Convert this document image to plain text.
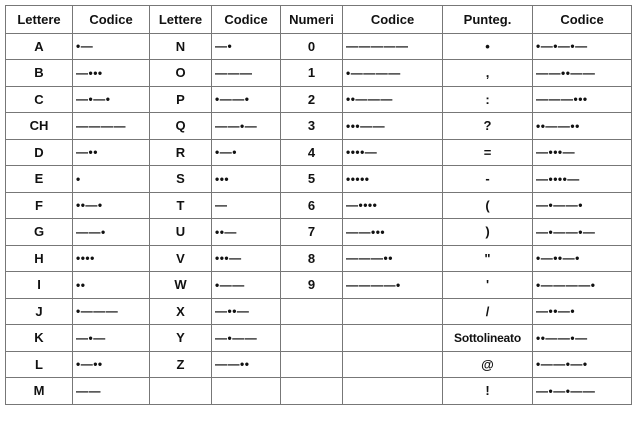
Lettere	Codice	Lettere	Codice	Numeri	Codice	Punteg.	Codice
A	•—	N	—•	0	—————	•	•—•—•—
B	—•••	O	———	1	•————	,	——••——
C	—•—•	P	•——•	2	••———	:	———•••
CH	————	Q	——•—	3	•••——	?	••——••
D	—••	R	•—•	4	••••—	=	—•••—
E	•	S	•••	5	•••••	-	—••••—
F	••—•	T	—	6	—••••	(	—•——•
G	——•	U	••—	7	——•••	)	—•——•—
H	••••	V	•••—	8	———••	"	•—••—•
I	••	W	•——	9	————•	'	•————•
J	•———	X	—••—			/	—••—•
K	—•—	Y	—•——			Sottolineato	••——•—
L	•—••	Z	——••			@	•——•—•
M	——					!	—•—•——
